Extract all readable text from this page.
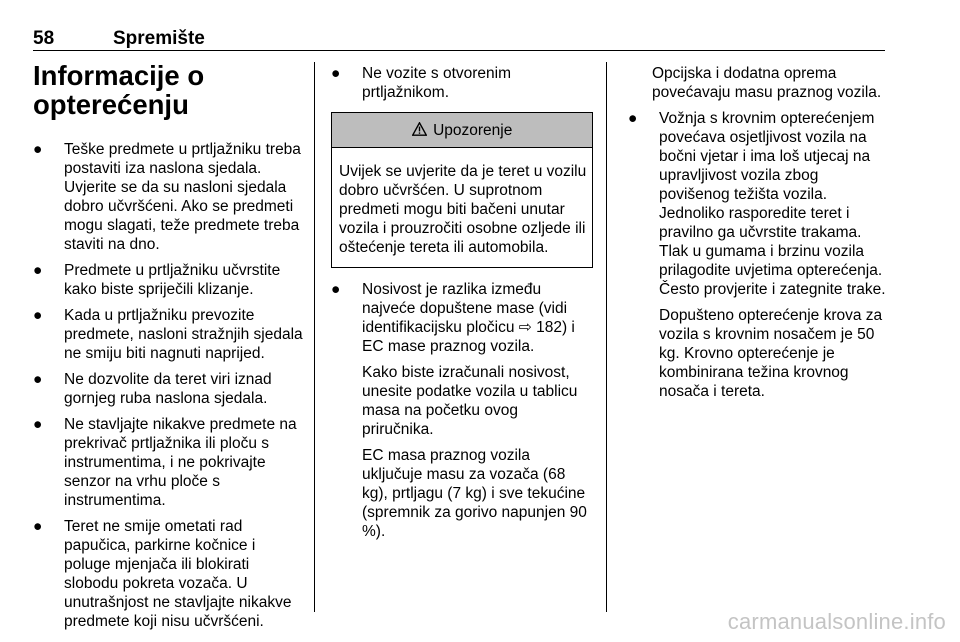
58	Spremište
Informacije o
opterećenju
● Teške predmete u prtljažniku treba postaviti iza naslona sjedala. Uvjerite se da su nasloni sjedala dobro učvršćeni. Ako se predmeti mogu slagati, teže predmete treba staviti na dno.
● Predmete u prtljažniku učvrstite kako biste spriječili klizanje.
● Kada u prtljažniku prevozite predmete, nasloni stražnjih sjedala ne smiju biti nagnuti naprijed.
● Ne dozvolite da teret viri iznad gornjeg ruba naslona sjedala.
● Ne stavljajte nikakve predmete na prekrivač prtljažnika ili ploču s instrumentima, i ne pokrivajte senzor na vrhu ploče s instrumentima.
● Teret ne smije ometati rad papučica, parkirne kočnice i poluge mjenjača ili blokirati slobodu pokreta vozača. U unutrašnjost ne stavljajte nikakve predmete koji nisu učvršćeni.
● Ne vozite s otvorenim prtljažnikom.
Upozorenje
Uvijek se uvjerite da je teret u vozilu dobro učvršćen. U suprotnom predmeti mogu biti bačeni unutar vozila i prouzročiti osobne ozljede ili oštećenje tereta ili automobila.
● Nosivost je razlika između najveće dopuštene mase (vidi identifikacijsku pločicu ⇨ 182) i EC mase praznog vozila.
Kako biste izračunali nosivost, unesite podatke vozila u tablicu masa na početku ovog priručnika.
EC masa praznog vozila uključuje masu za vozača (68 kg), prtljagu (7 kg) i sve tekućine (spremnik za gorivo napunjen 90 %).
Opcijska i dodatna oprema povećavaju masu praznog vozila.
● Vožnja s krovnim opterećenjem povećava osjetljivost vozila na bočni vjetar i ima loš utjecaj na upravljivost vozila zbog povišenog težišta vozila. Jednoliko rasporedite teret i pravilno ga učvrstite trakama. Tlak u gumama i brzinu vozila prilagodite uvjetima opterećenja. Često provjerite i zategnite trake.
Dopušteno opterećenje krova za vozila s krovnim nosačem je 50 kg. Krovno opterećenje je kombinirana težina krovnog nosača i tereta.
carmanualsonline.info
